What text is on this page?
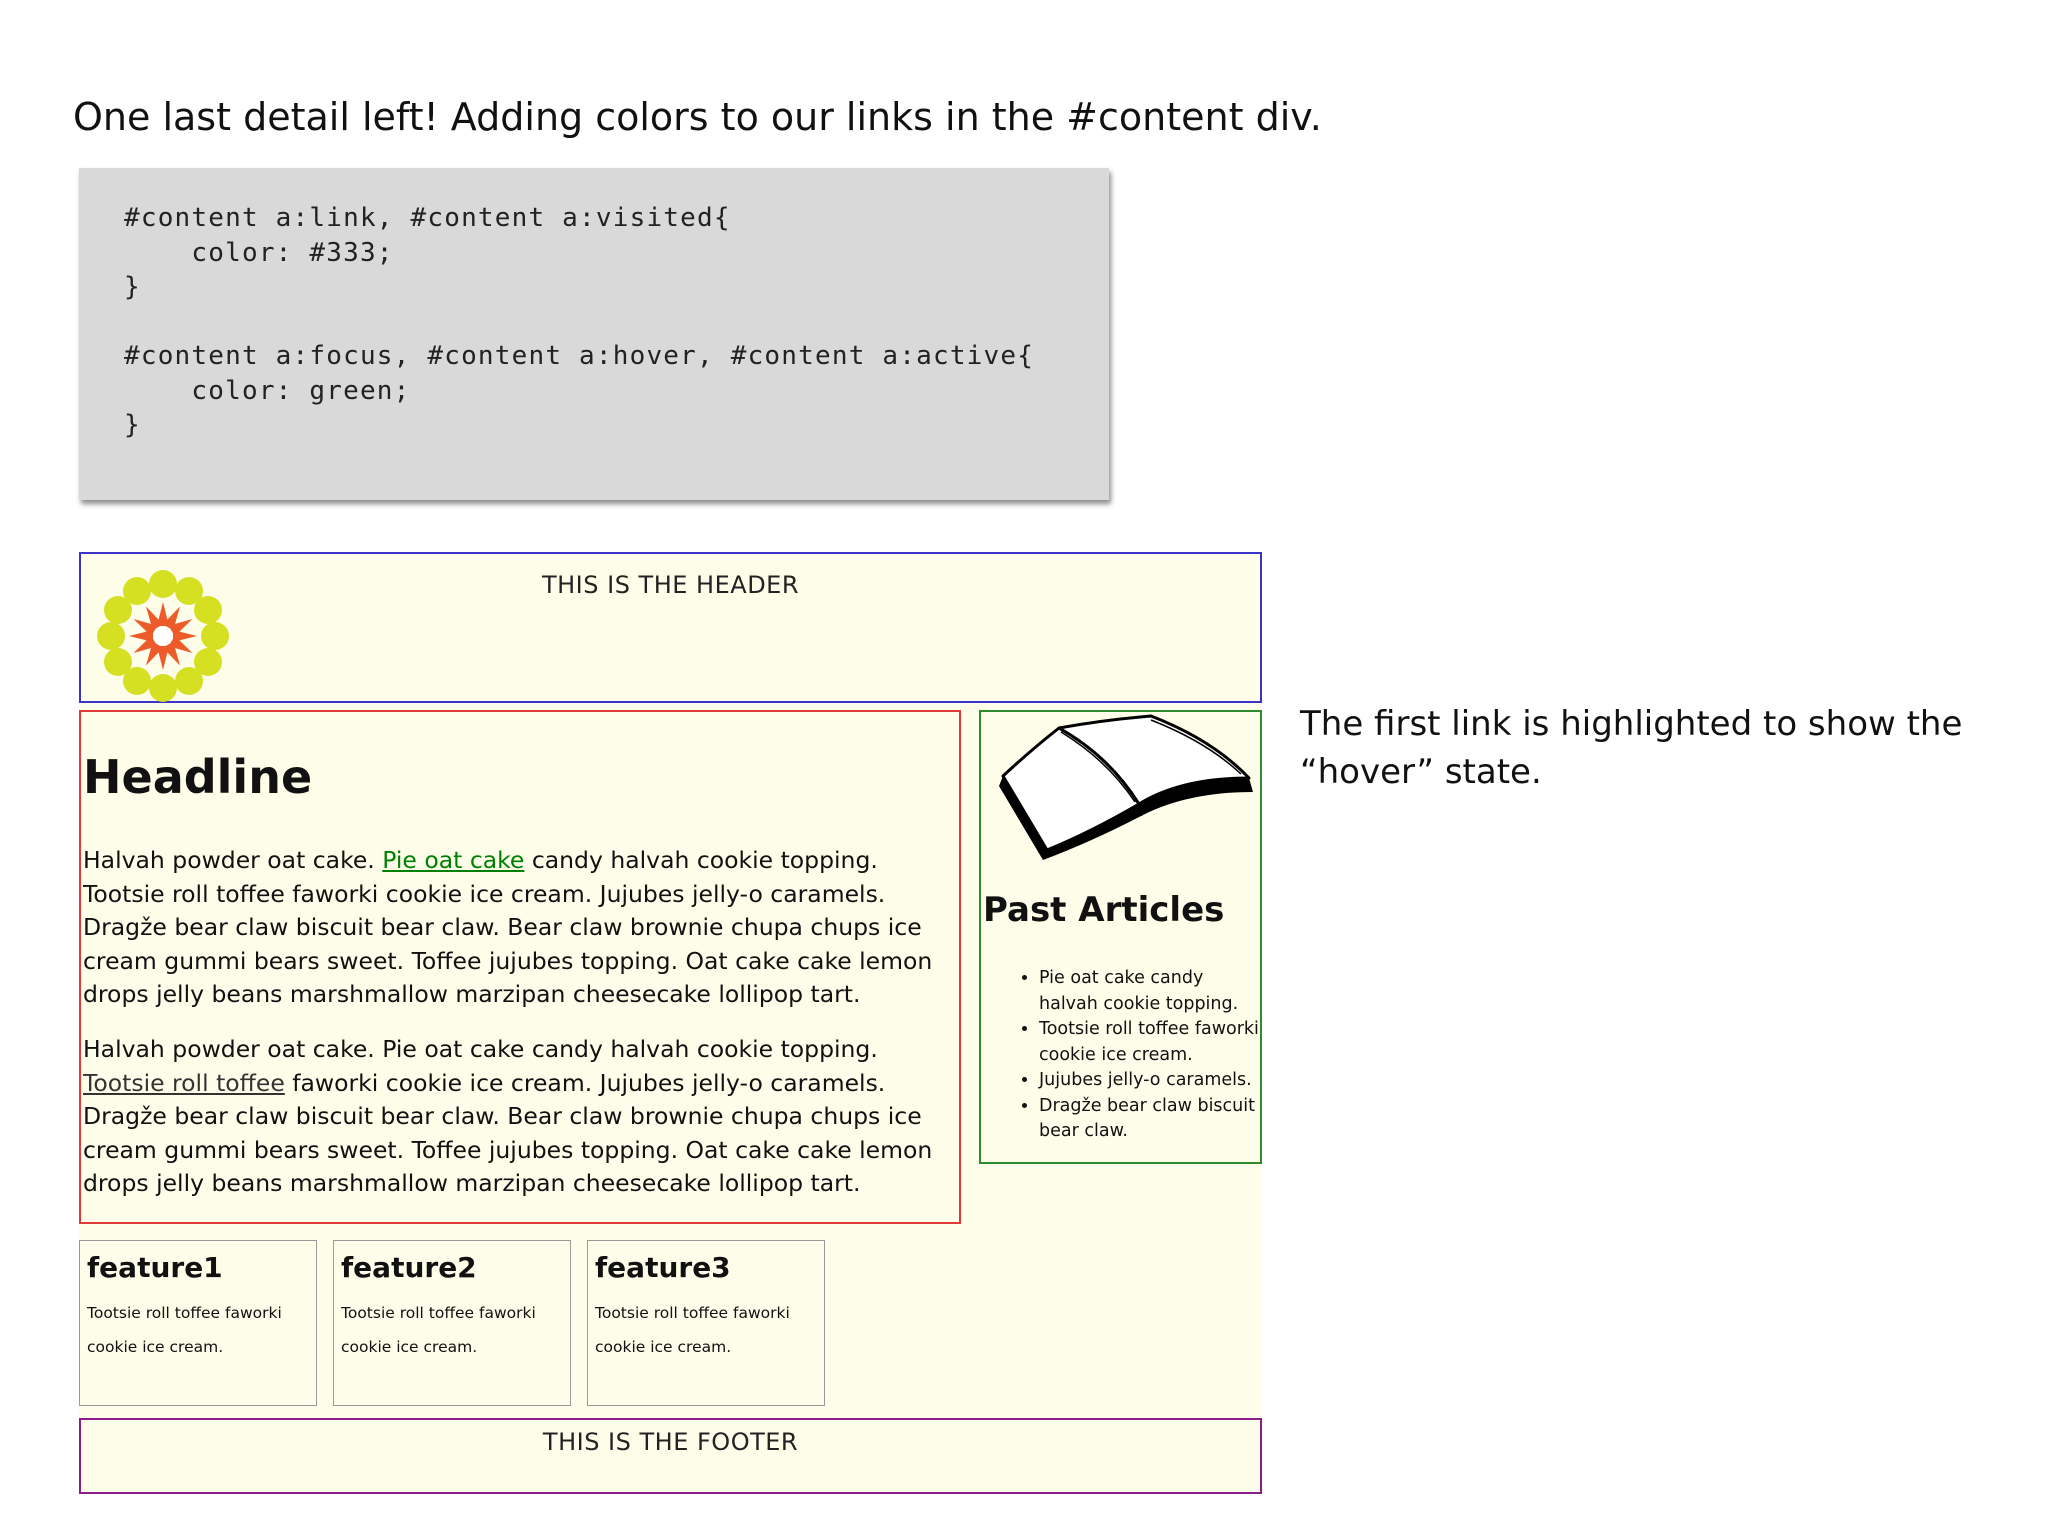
One last detail left! Adding colors to our links in the #content div.
#content a:link, #content a:visited{
color: #333;
}

#content a:focus, #content a:hover, #content a:active{
color: green;
}
THIS IS THE HEADER
Headline

Halvah powder oat cake. Pie oat cake candy halvah cookie topping. Tootsie roll toffee faworki cookie ice cream. Jujubes jelly-o caramels. Dragže bear claw biscuit bear claw. Bear claw brownie chupa chups ice cream gummi bears sweet. Toffee jujubes topping. Oat cake cake lemon drops jelly beans marshmallow marzipan cheesecake lollipop tart.

Halvah powder oat cake. Pie oat cake candy halvah cookie topping. Tootsie roll toffee faworki cookie ice cream. Jujubes jelly-o caramels. Dragže bear claw biscuit bear claw. Bear claw brownie chupa chups ice cream gummi bears sweet. Toffee jujubes topping. Oat cake cake lemon drops jelly beans marshmallow marzipan cheesecake lollipop tart.

Past Articles
• Pie oat cake candy halvah cookie topping.
• Tootsie roll toffee faworki cookie ice cream.
• Jujubes jelly-o caramels.
• Dragže bear claw biscuit bear claw.
feature1

Tootsie roll toffee faworki cookie ice cream.

feature2

Tootsie roll toffee faworki cookie ice cream.

feature3

Tootsie roll toffee faworki cookie ice cream.

THIS IS THE FOOTER

The first link is highlighted to show the “hover” state.
